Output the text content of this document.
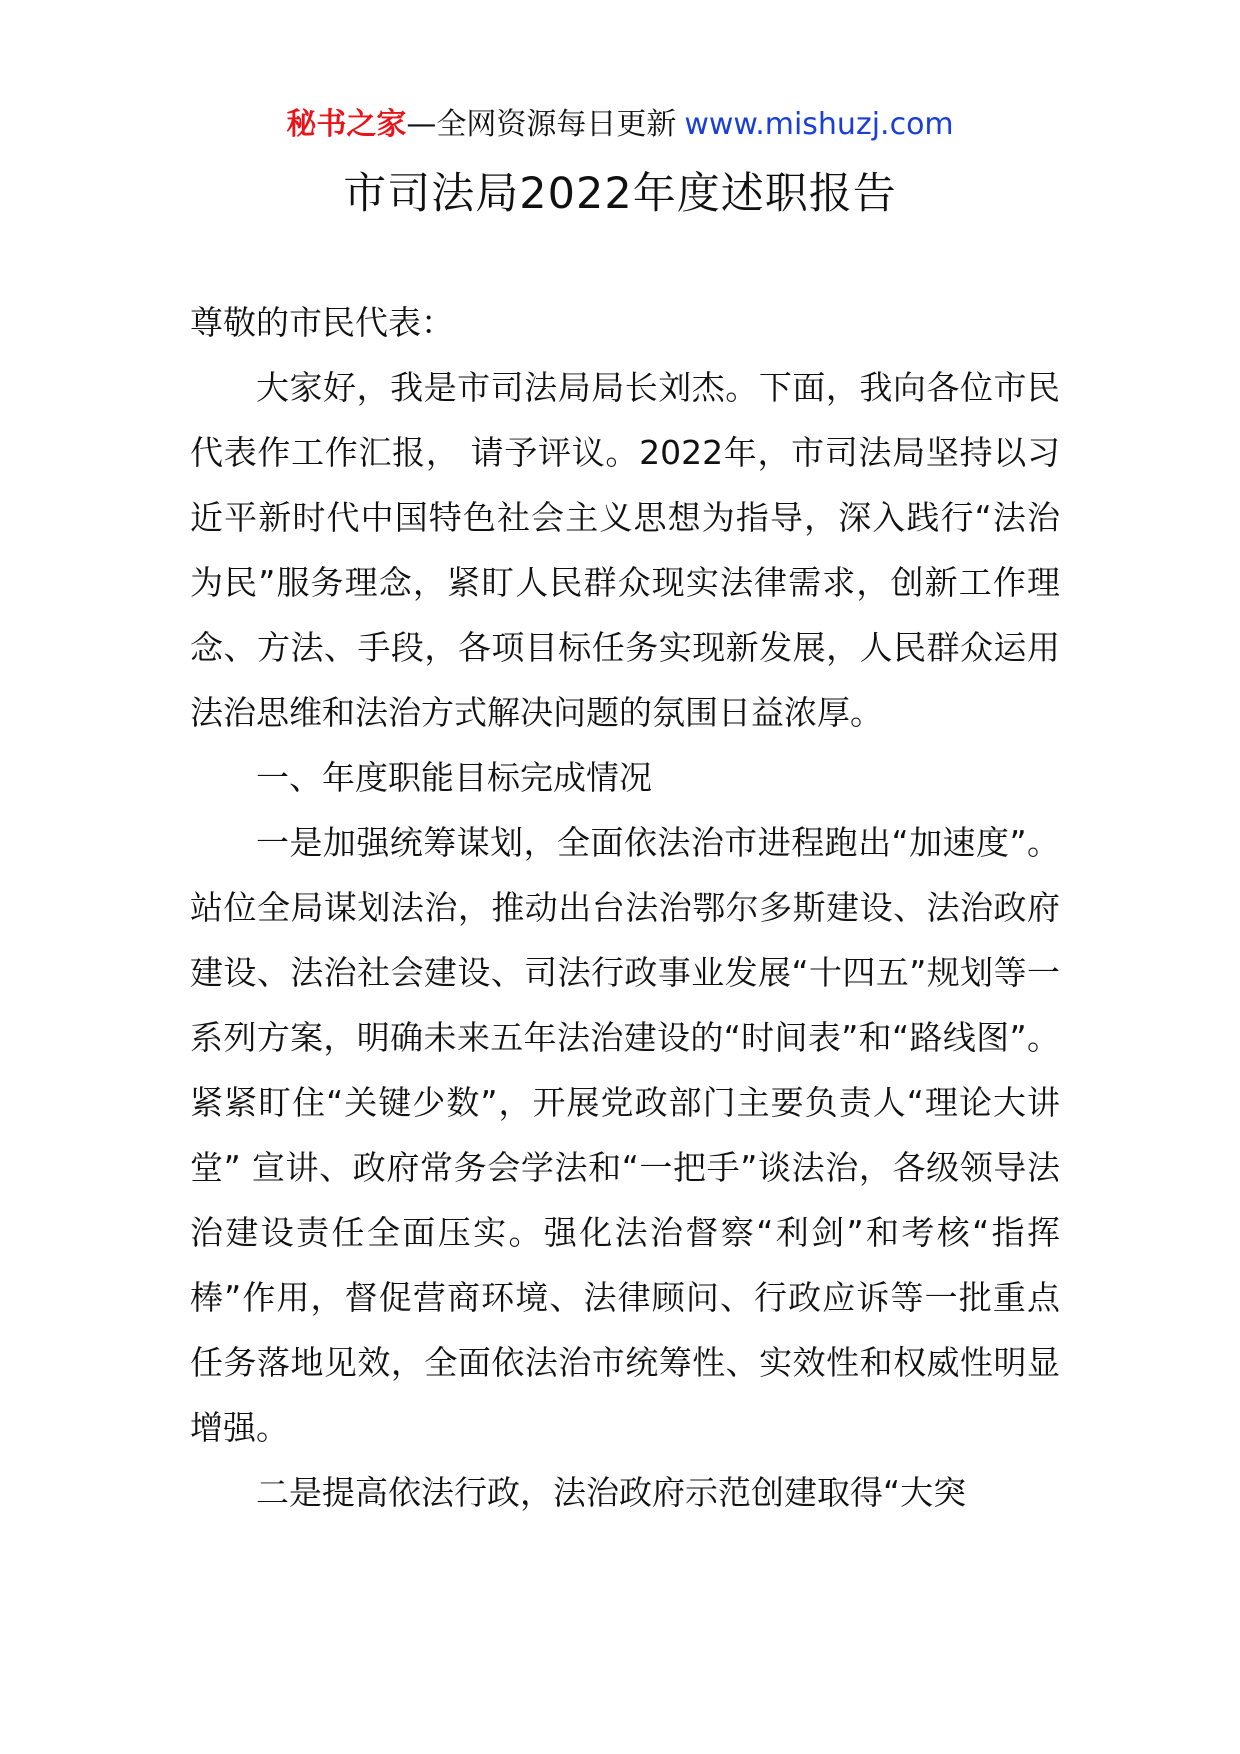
秘书之家—全网资源每日更新 www.mishuzj.com
市司法局2022年度述职报告

尊敬的市民代表：

大家好，我是市司法局局长刘杰。下面，我向各位市民代表作工作汇报， 请予评议。2022年，市司法局坚持以习近平新时代中国特色社会主义思想为指导，深入践行“法治为民”服务理念，紧盯人民群众现实法律需求，创新工作理念、方法、手段，各项目标任务实现新发展，人民群众运用法治思维和法治方式解决问题的氛围日益浓厚。

一、年度职能目标完成情况

一是加强统筹谋划，全面依法治市进程跑出“加速度”。站位全局谋划法治，推动出台法治鄂尔多斯建设、法治政府建设、法治社会建设、司法行政事业发展“十四五”规划等一系列方案，明确未来五年法治建设的“时间表”和“路线图”。紧紧盯住“关键少数”，开展党政部门主要负责人“理论大讲堂” 宣讲、政府常务会学法和“一把手”谈法治，各级领导法治建设责任全面压实。强化法治督察“利剑”和考核“指挥棒”作用，督促营商环境、法律顾问、行政应诉等一批重点任务落地见效，全面依法治市统筹性、实效性和权威性明显增强。

二是提高依法行政，法治政府示范创建取得“大突
